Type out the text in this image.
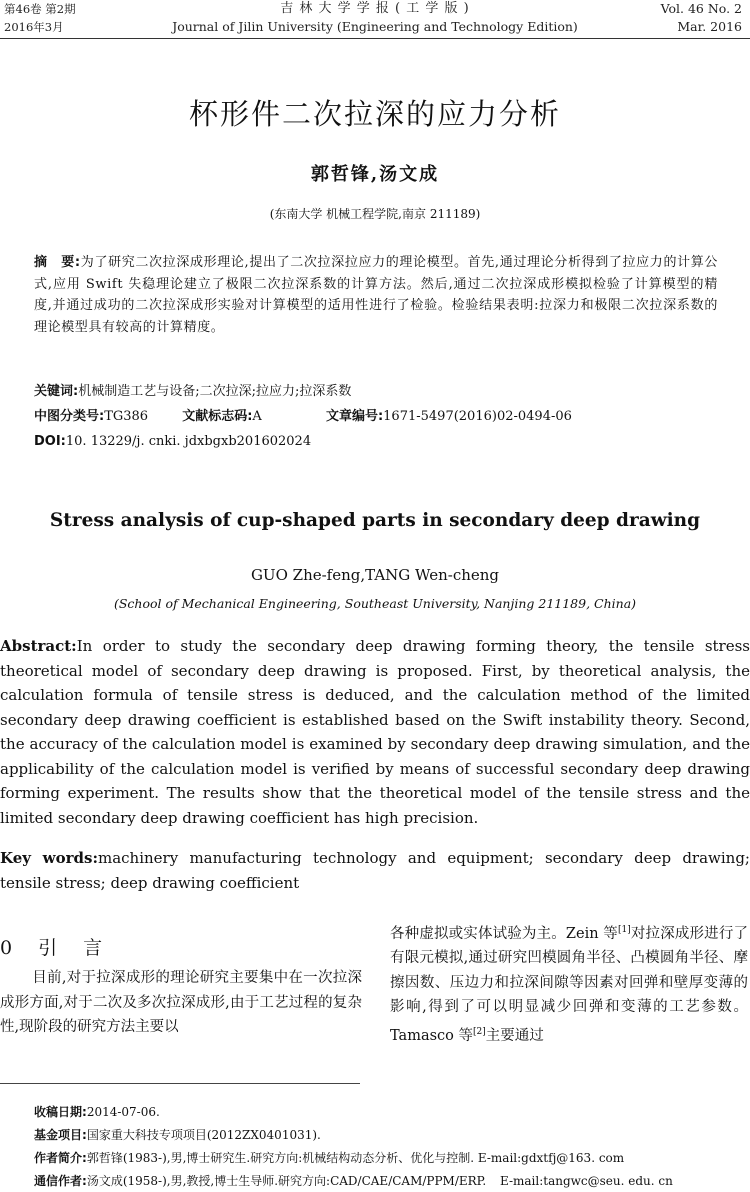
第46卷 第2期
2016年3月
吉 林 大 学 学 报 ( 工 学 版 )
Journal of Jilin University (Engineering and Technology Edition)
Vol. 46 No. 2
Mar. 2016
杯形件二次拉深的应力分析
郭哲锋,汤文成
(东南大学 机械工程学院,南京 211189)
摘　要:为了研究二次拉深成形理论,提出了二次拉深拉应力的理论模型。首先,通过理论分析得到了拉应力的计算公式,应用 Swift 失稳理论建立了极限二次拉深系数的计算方法。然后,通过二次拉深成形模拟检验了计算模型的精度,并通过成功的二次拉深成形实验对计算模型的适用性进行了检验。检验结果表明:拉深力和极限二次拉深系数的理论模型具有较高的计算精度。
关键词:机械制造工艺与设备;二次拉深;拉应力;拉深系数
中图分类号:TG386	文献标志码:A	文章编号:1671-5497(2016)02-0494-06
DOI:10. 13229/j. cnki. jdxbgxb201602024
Stress analysis of cup-shaped parts in secondary deep drawing
GUO Zhe-feng,TANG Wen-cheng
(School of Mechanical Engineering, Southeast University, Nanjing 211189, China)
Abstract:In order to study the secondary deep drawing forming theory, the tensile stress theoretical model of secondary deep drawing is proposed. First, by theoretical analysis, the calculation formula of tensile stress is deduced, and the calculation method of the limited secondary deep drawing coefficient is established based on the Swift instability theory. Second, the accuracy of the calculation model is examined by secondary deep drawing simulation, and the applicability of the calculation model is verified by means of successful secondary deep drawing forming experiment. The results show that the theoretical model of the tensile stress and the limited secondary deep drawing coefficient has high precision.
Key words:machinery manufacturing technology and equipment; secondary deep drawing; tensile stress; deep drawing coefficient
0 引 言
目前,对于拉深成形的理论研究主要集中在一次拉深成形方面,对于二次及多次拉深成形,由于工艺过程的复杂性,现阶段的研究方法主要以
各种虚拟或实体试验为主。Zein 等[1]对拉深成形进行了有限元模拟,通过研究凹模圆角半径、凸模圆角半径、摩擦因数、压边力和拉深间隙等因素对回弹和壁厚变薄的影响,得到了可以明显减少回弹和变薄的工艺参数。Tamasco 等[2]主要通过
收稿日期:2014-07-06.
基金项目:国家重大科技专项项目(2012ZX0401031).
作者简介:郭哲锋(1983-),男,博士研究生.研究方向:机械结构动态分析、优化与控制. E-mail:gdxtfj@163. com
通信作者:汤文成(1958-),男,教授,博士生导师.研究方向:CAD/CAE/CAM/PPM/ERP. E-mail:tangwc@seu. edu. cn
